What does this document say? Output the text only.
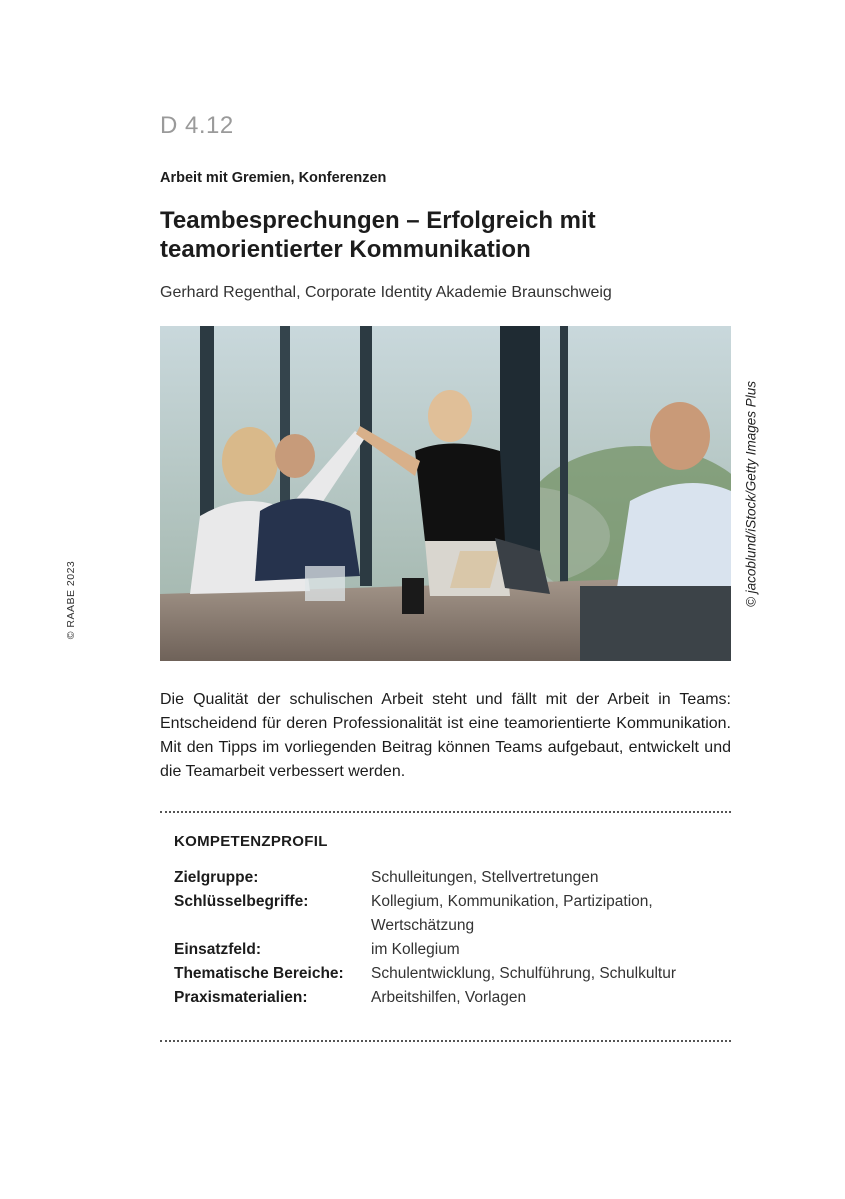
D 4.12
Arbeit mit Gremien, Konferenzen
Teambesprechungen – Erfolgreich mit teamorientierter Kommunikation
Gerhard Regenthal, Corporate Identity Akademie Braunschweig
© jacoblund/iStock/Getty Images Plus
© RAABE 2023
Die Qualität der schulischen Arbeit steht und fällt mit der Arbeit in Teams: Entscheidend für deren Professionalität ist eine teamorientierte Kommunikation. Mit den Tipps im vorliegenden Beitrag können Teams aufgebaut, entwickelt und die Teamarbeit verbessert werden.
KOMPETENZPROFIL
Zielgruppe:	Schulleitungen, Stellvertretungen
Schlüsselbegriffe:	Kollegium, Kommunikation, Partizipation, Wertschätzung
Einsatzfeld:	im Kollegium
Thematische Bereiche:	Schulentwicklung, Schulführung, Schulkultur
Praxismaterialien:	Arbeitshilfen, Vorlagen
